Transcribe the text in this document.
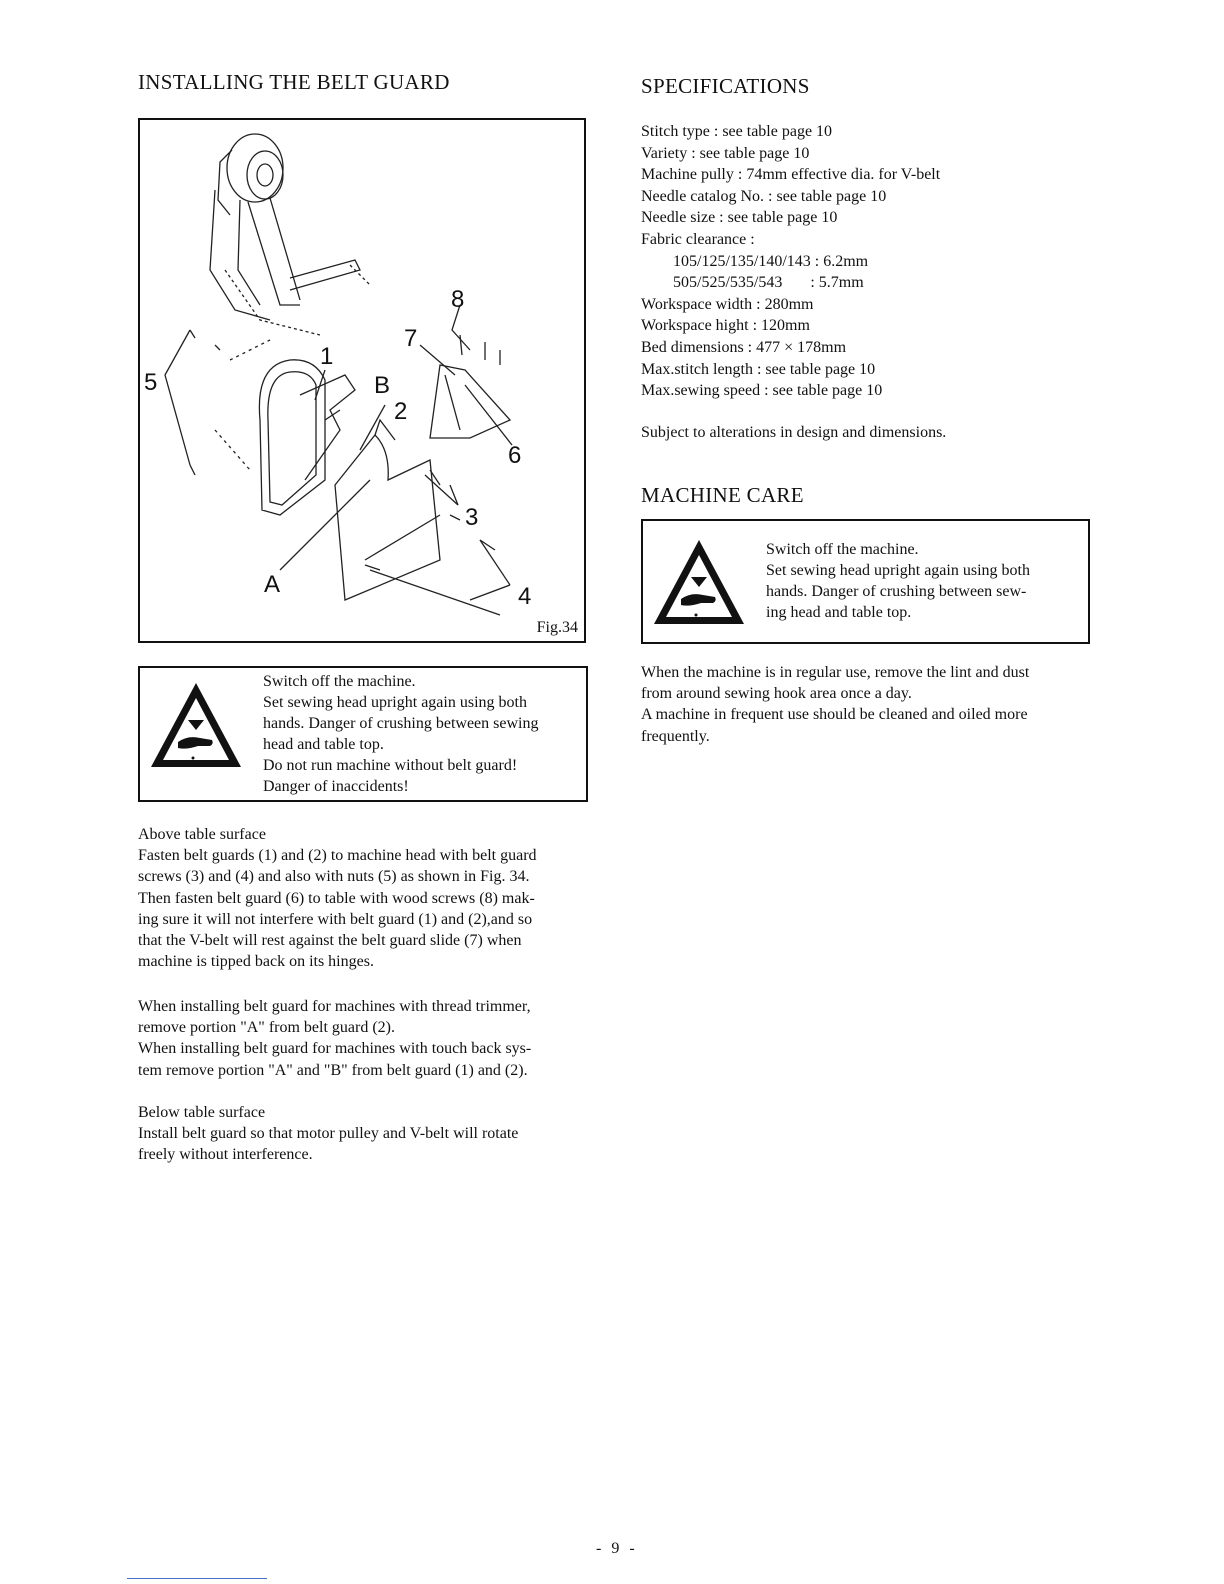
INSTALLING THE BELT GUARD
1
2
3
4
5
6
7
8
A
B
Fig.34
Switch off the machine.
Set sewing head upright again using both
hands. Danger of crushing between sewing
head and table top.
Do not run machine without belt guard!
Danger of inaccidents!
Above table surface
Fasten belt guards (1) and (2) to machine head with belt guard
screws (3) and (4) and also with nuts (5) as shown in Fig. 34.
Then fasten belt guard (6) to table with wood screws (8) mak-
ing sure it will not interfere with belt guard (1) and (2),and so
that the V-belt will rest against the belt guard slide (7) when
machine is tipped back on its hinges.
When installing belt guard for machines with thread trimmer,
remove portion "A" from belt guard (2).
When installing belt guard for machines with touch back sys-
tem remove portion "A" and "B" from belt guard (1) and (2).
Below table surface
Install belt guard so that motor pulley and V-belt will rotate
freely without interference.
SPECIFICATIONS
Stitch type : see table page 10
Variety : see table page 10
Machine pully : 74mm effective dia. for V-belt
Needle catalog No. : see table page 10
Needle size : see table page 10
Fabric clearance :
105/125/135/140/143 : 6.2mm
505/525/535/543       : 5.7mm
Workspace width : 280mm
Workspace hight : 120mm
Bed dimensions : 477 × 178mm
Max.stitch length : see table page 10
Max.sewing speed : see table page 10
Subject to alterations in design and dimensions.
MACHINE CARE
Switch off the machine.
Set sewing head upright again using both
hands. Danger of crushing between sew-
ing head and table top.
When the machine is in regular use, remove the lint and dust
from around sewing hook area once a day.
A machine in frequent use should be cleaned and oiled more
frequently.
- 9 -
